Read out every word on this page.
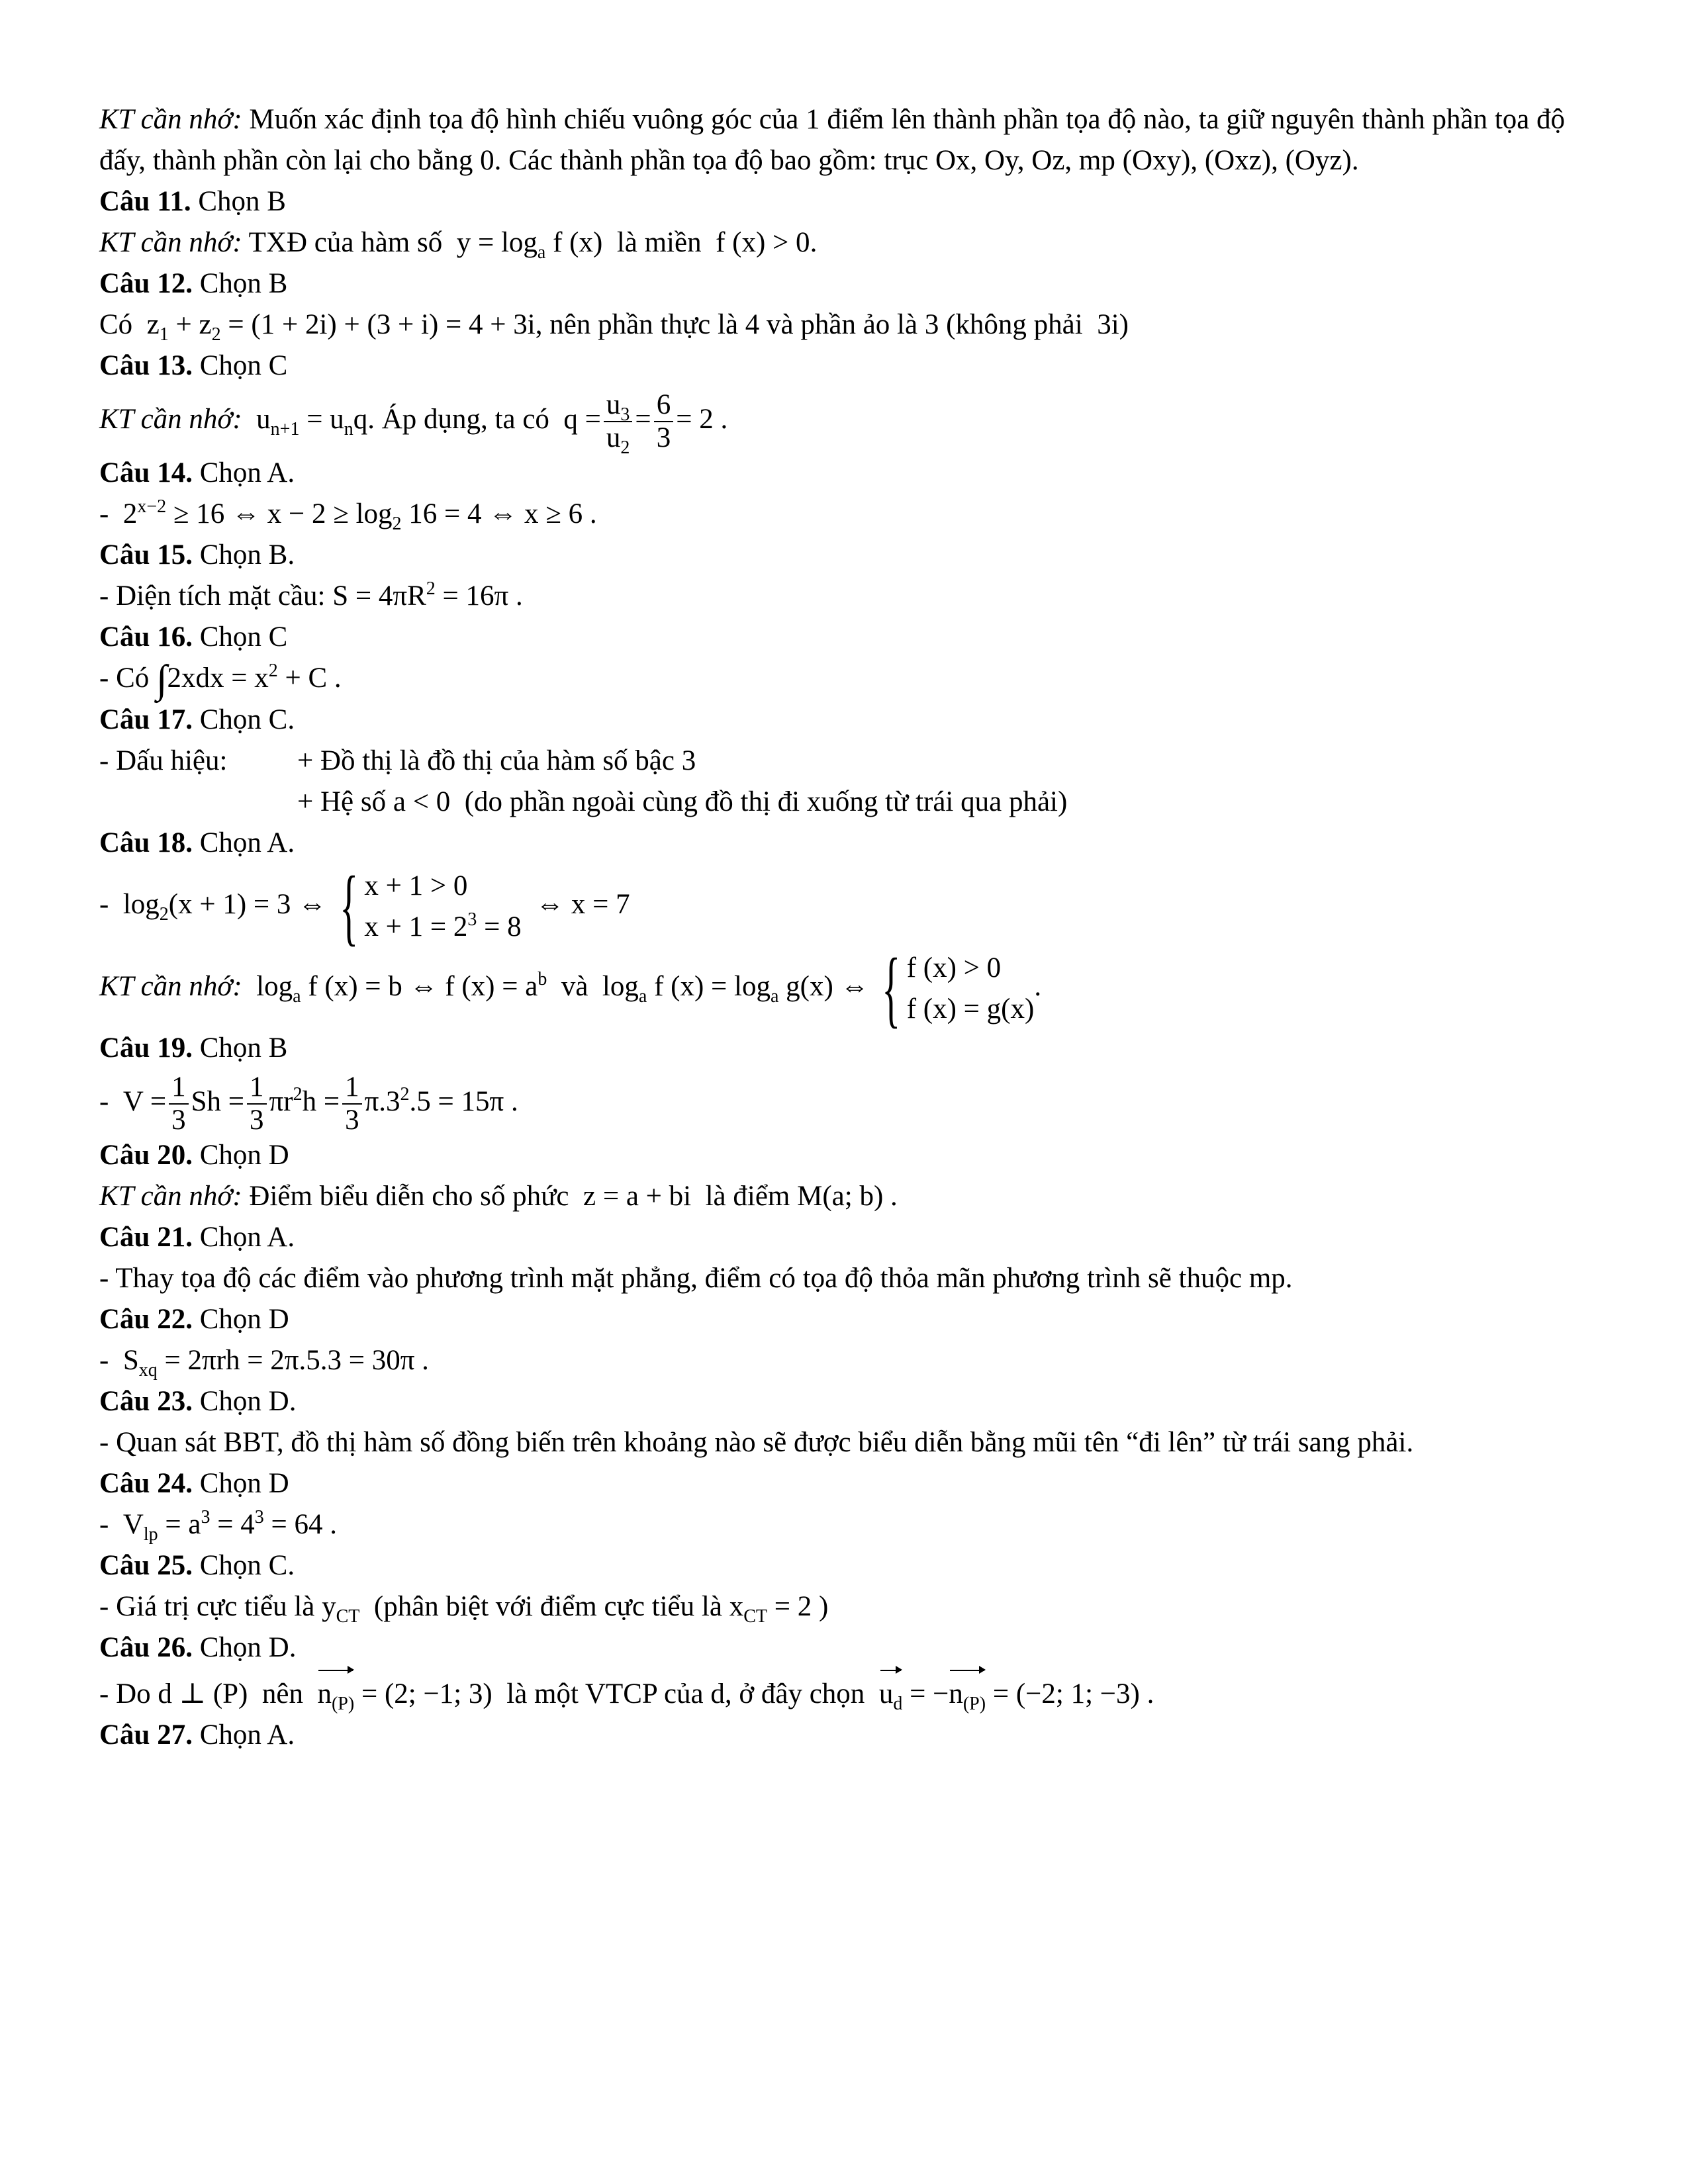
KT cần nhớ: Muốn xác định tọa độ hình chiếu vuông góc của 1 điểm lên thành phần tọa độ nào, ta giữ nguyên thành phần tọa độ đấy, thành phần còn lại cho bằng 0. Các thành phần tọa độ bao gồm: trục Ox, Oy, Oz, mp (Oxy), (Oxz), (Oyz).
Câu 11. Chọn B
KT cần nhớ: TXĐ của hàm số  $y = \log_a f$ (x)  là miền  f (x) > 0.
Câu 12. Chọn B
Có  $z_1 + z_2 = (1 + 2i) + (3 + i) = 4 + 3i$, nên phần thực là 4 và phần ảo là 3 (không phải  3i)
Câu 13. Chọn C
KT cần nhớ:  $u_{n+1} = u_nq$. Áp dụng, ta có  $q = \frac{u_3}{u_2} = \frac{6}{3} = 2$ .
Câu 14. Chọn A.
-  $2^{x-2} \ge 16$ ⇔ $x - 2 \ge \log_2 16 = 4$ ⇔ x ≥ 6 .
Câu 15. Chọn B.
- Diện tích mặt cầu: $S = 4\pi R^2 = 16\pi$ .
Câu 16. Chọn C
- Có $\int 2xdx = x^2 + C$ .
Câu 17. Chọn C.
- Dấu hiệu: + Đồ thị là đồ thị của hàm số bậc 3
+ Hệ số a < 0  (do phần ngoài cùng đồ thị đi xuống từ trái qua phải)
Câu 18. Chọn A.
-  $\log_2(x + 1) = 3$ ⇔ { x + 1 > 0
$x + 1 = 2^3 = 8$
⇔ x = 7
KT cần nhớ:  $\log_a f$ (x) = b ⇔ f $(x) = a^b$ và  $\log_a f$ $(x) = \log_a g(x)$ ⇔ { f (x) > 0
f (x) = g(x)
.
Câu 19. Chọn B
-  $V = \frac{1}{3}$ $Sh = \frac{1}{3} \pi r^2h = \frac{1}{3} \pi.3^2.5 = 15\pi$ .
Câu 20. Chọn D
KT cần nhớ: Điểm biểu diễn cho số phức  z = a + bi  là điểm M(a; b) .
Câu 21. Chọn A.
- Thay tọa độ các điểm vào phương trình mặt phẳng, điểm có tọa độ thỏa mãn phương trình sẽ thuộc mp.
Câu 22. Chọn D
-  $S_{xq} = 2\pi rh = 2\pi.5.3 = 30\pi$ .
Câu 23. Chọn D.
- Quan sát BBT, đồ thị hàm số đồng biến trên khoảng nào sẽ được biểu diễn bằng mũi tên “đi lên” từ trái sang phải.
Câu 24. Chọn D
-  $V_{lp} = a^3 = 4^3 = 64$ .
Câu 25. Chọn C.
- Giá trị cực tiểu là $y_{CT}$ (phân biệt với điểm cực tiểu là $x_{CT} = 2$ )
Câu 26. Chọn D.
- Do d ⊥ (P)  nên $n_{(P)} = (2$; −1; 3)  là một VTCP của d, ở đây chọn $u_d = -n_{(P)} = (-2$; 1; −3) .
Câu 27. Chọn A.
